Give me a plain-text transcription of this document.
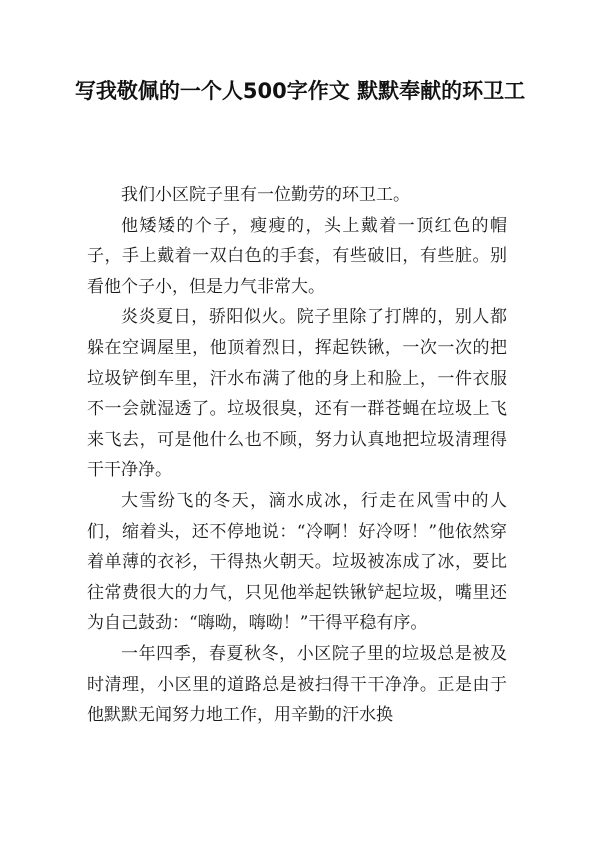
写我敬佩的一个人500字作文 默默奉献的环卫工

我们小区院子里有一位勤劳的环卫工。

他矮矮的个子，瘦瘦的，头上戴着一顶红色的帽子，手上戴着一双白色的手套，有些破旧，有些脏。别看他个子小，但是力气非常大。

炎炎夏日，骄阳似火。院子里除了打牌的，别人都躲在空调屋里，他顶着烈日，挥起铁锹，一次一次的把垃圾铲倒车里，汗水布满了他的身上和脸上，一件衣服不一会就湿透了。垃圾很臭，还有一群苍蝇在垃圾上飞来飞去，可是他什么也不顾，努力认真地把垃圾清理得干干净净。

大雪纷飞的冬天，滴水成冰，行走在风雪中的人们，缩着头，还不停地说：“冷啊！好冷呀！”他依然穿着单薄的衣衫，干得热火朝天。垃圾被冻成了冰，要比往常费很大的力气，只见他举起铁锹铲起垃圾，嘴里还为自己鼓劲：“嗨呦，嗨呦！”干得平稳有序。

一年四季，春夏秋冬，小区院子里的垃圾总是被及时清理，小区里的道路总是被扫得干干净净。正是由于他默默无闻努力地工作，用辛勤的汗水换
